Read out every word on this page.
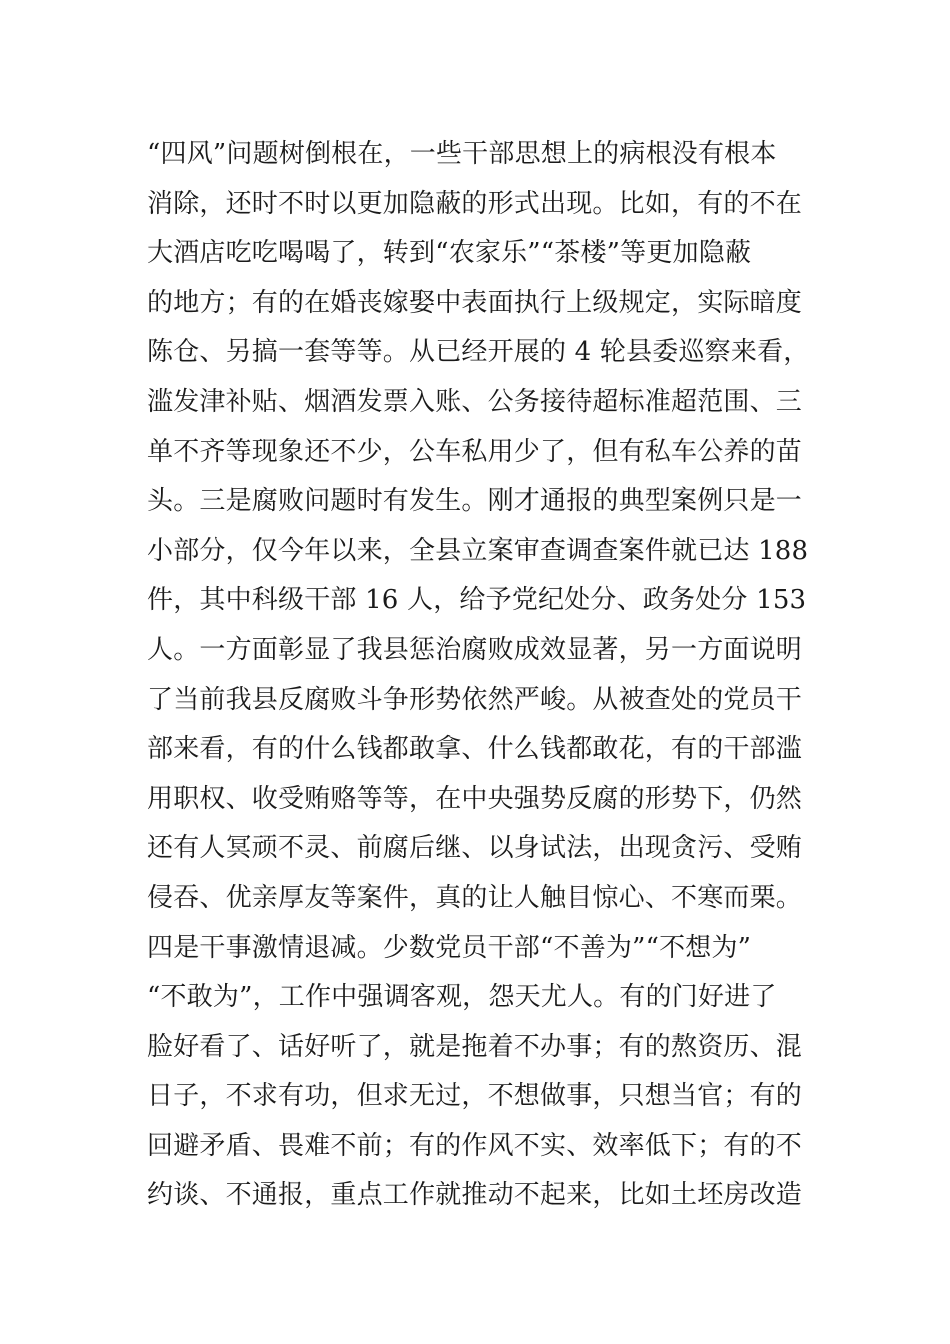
“四风”问题树倒根在，一些干部思想上的病根没有根本
消除，还时不时以更加隐蔽的形式出现。比如，有的不在
大酒店吃吃喝喝了，转到“农家乐”“茶楼”等更加隐蔽
的地方；有的在婚丧嫁娶中表面执行上级规定，实际暗度
陈仓、另搞一套等等。从已经开展的 4 轮县委巡察来看，
滥发津补贴、烟酒发票入账、公务接待超标准超范围、三
单不齐等现象还不少，公车私用少了，但有私车公养的苗
头。三是腐败问题时有发生。刚才通报的典型案例只是一
小部分，仅今年以来，全县立案审查调查案件就已达 188
件，其中科级干部 16 人，给予党纪处分、政务处分 153
人。一方面彰显了我县惩治腐败成效显著，另一方面说明
了当前我县反腐败斗争形势依然严峻。从被查处的党员干
部来看，有的什么钱都敢拿、什么钱都敢花，有的干部滥
用职权、收受贿赂等等，在中央强势反腐的形势下，仍然
还有人冥顽不灵、前腐后继、以身试法，出现贪污、受贿
侵吞、优亲厚友等案件，真的让人触目惊心、不寒而栗。
四是干事激情退减。少数党员干部“不善为”“不想为”
“不敢为”，工作中强调客观，怨天尤人。有的门好进了
脸好看了、话好听了，就是拖着不办事；有的熬资历、混
日子，不求有功，但求无过，不想做事，只想当官；有的
回避矛盾、畏难不前；有的作风不实、效率低下；有的不
约谈、不通报，重点工作就推动不起来，比如土坯房改造
